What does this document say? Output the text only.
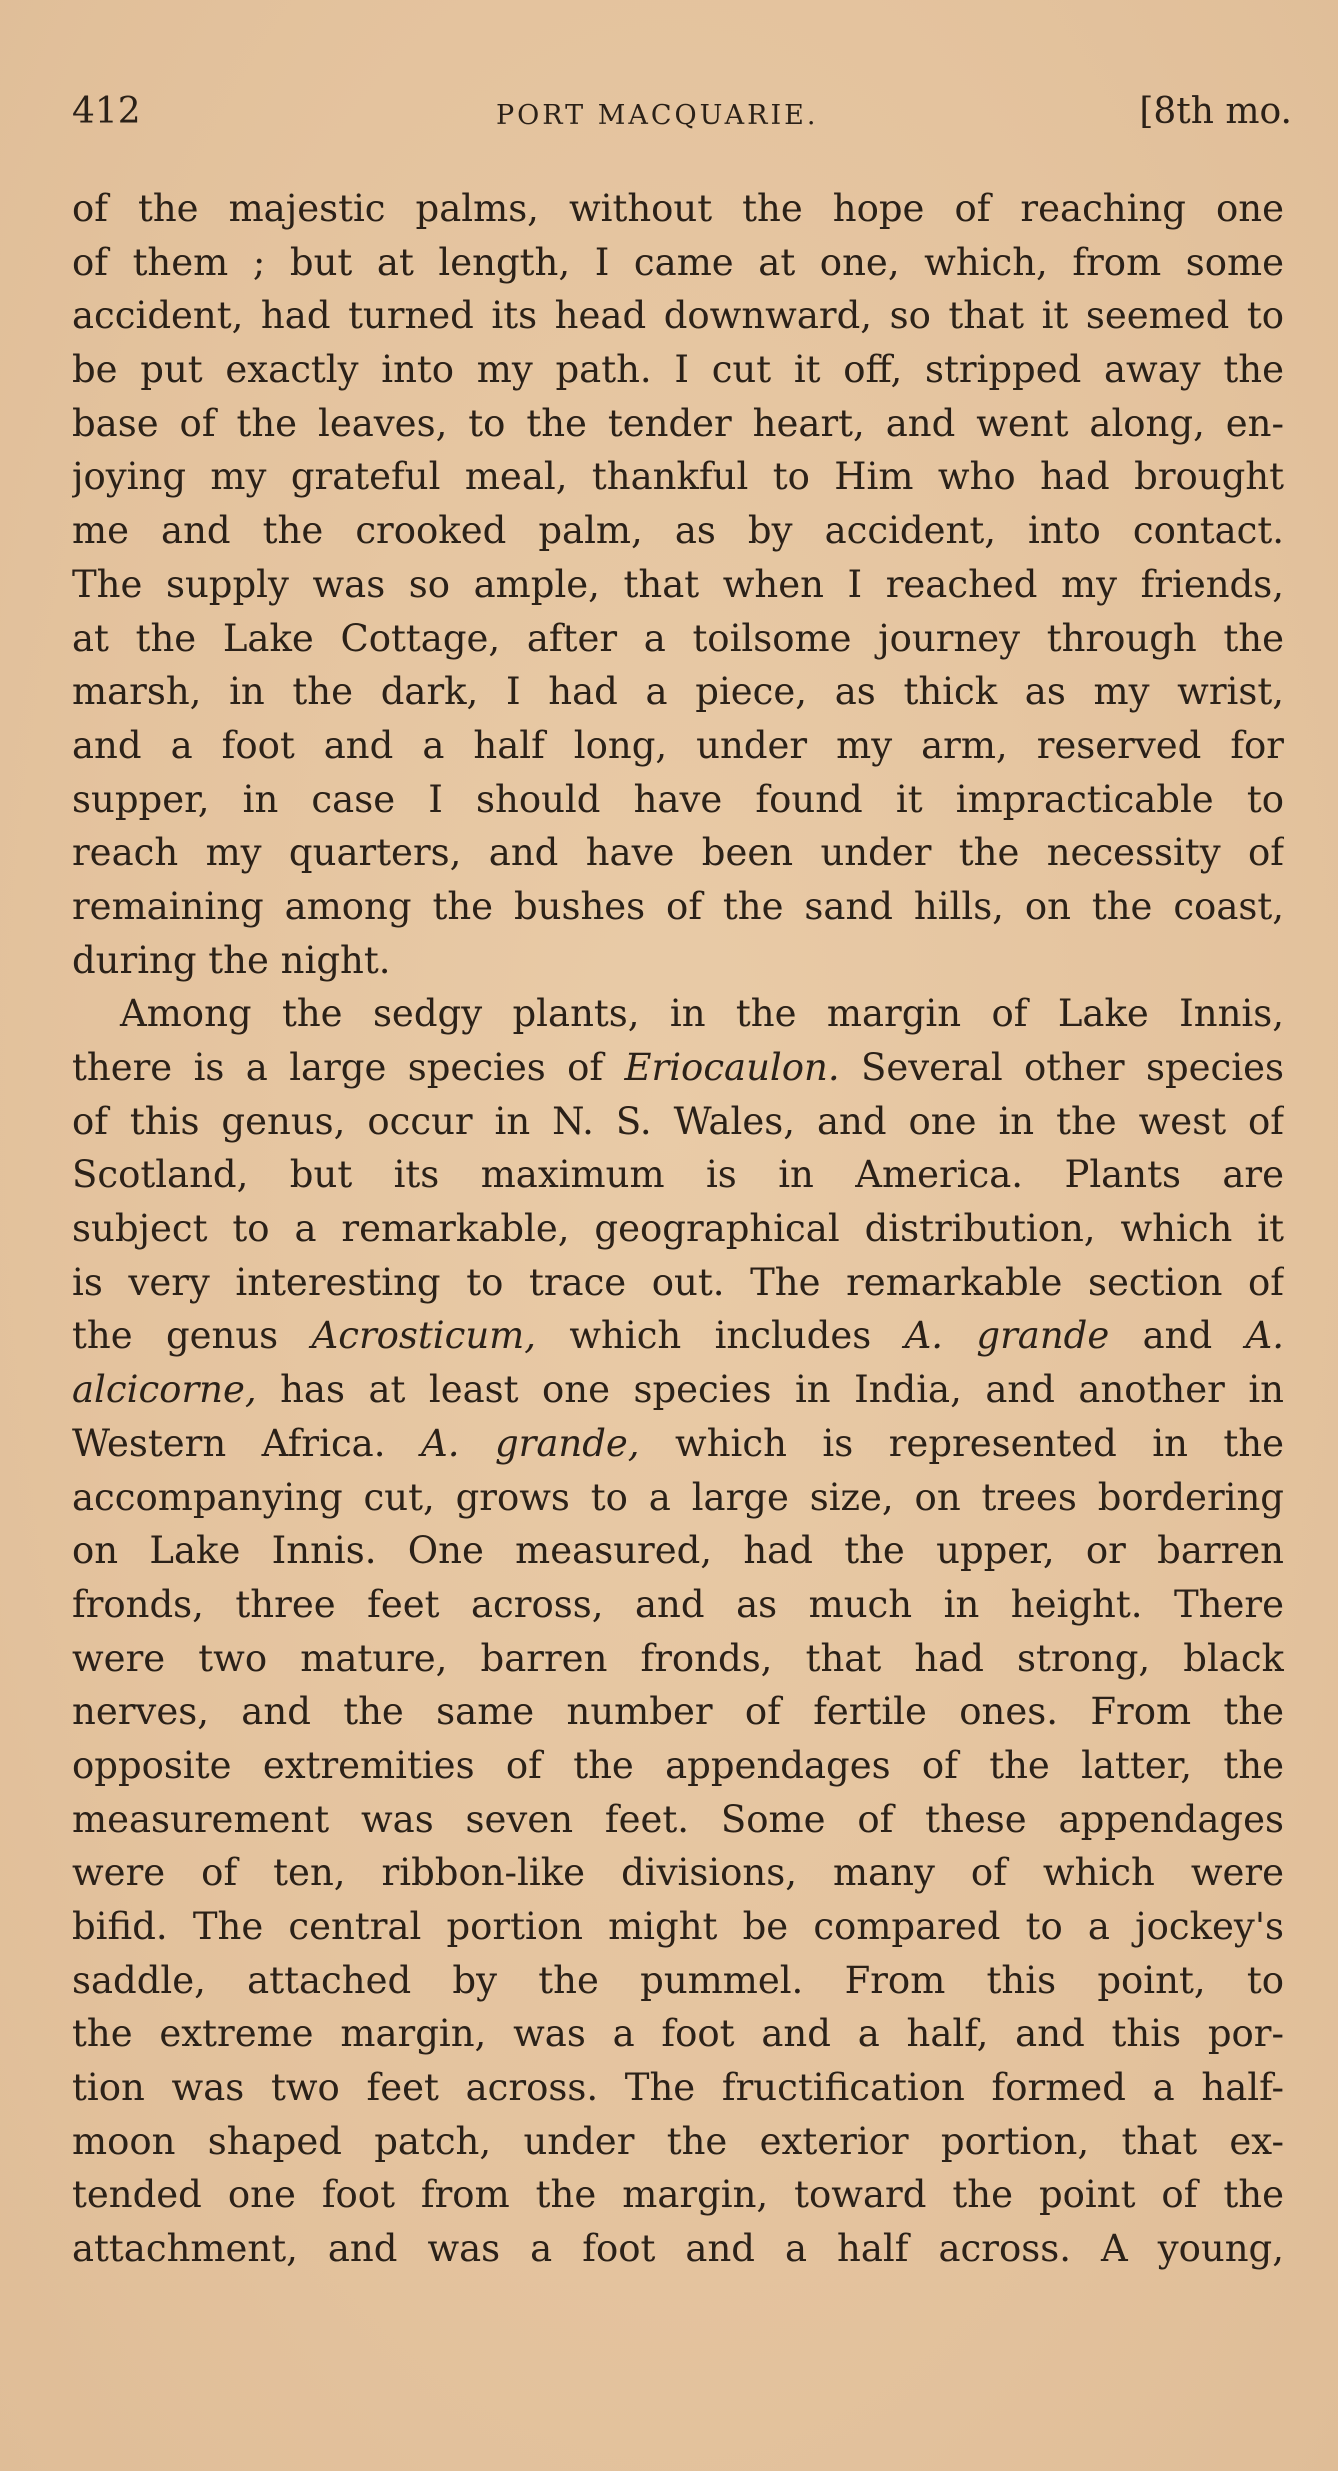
412	PORT MACQUARIE.	[8th mo.
of the majestic palms, without the hope of reaching one
of them ; but at length, I came at one, which, from some
accident, had turned its head downward, so that it seemed to
be put exactly into my path. I cut it off, stripped away the
base of the leaves, to the tender heart, and went along, en-
joying my grateful meal, thankful to Him who had brought
me and the crooked palm, as by accident, into contact.
The supply was so ample, that when I reached my friends,
at the Lake Cottage, after a toilsome journey through the
marsh, in the dark, I had a piece, as thick as my wrist,
and a foot and a half long, under my arm, reserved for
supper, in case I should have found it impracticable to
reach my quarters, and have been under the necessity of
remaining among the bushes of the sand hills, on the coast,
during the night.
Among the sedgy plants, in the margin of Lake Innis,
there is a large species of Eriocaulon. Several other species
of this genus, occur in N. S. Wales, and one in the west of
Scotland, but its maximum is in America. Plants are
subject to a remarkable, geographical distribution, which it
is very interesting to trace out. The remarkable section of
the genus Acrosticum, which includes A. grande and A.
alcicorne, has at least one species in India, and another in
Western Africa. A. grande, which is represented in the
accompanying cut, grows to a large size, on trees bordering
on Lake Innis. One measured, had the upper, or barren
fronds, three feet across, and as much in height. There
were two mature, barren fronds, that had strong, black
nerves, and the same number of fertile ones. From the
opposite extremities of the appendages of the latter, the
measurement was seven feet. Some of these appendages
were of ten, ribbon-like divisions, many of which were
bifid. The central portion might be compared to a jockey's
saddle, attached by the pummel. From this point, to
the extreme margin, was a foot and a half, and this por-
tion was two feet across. The fructification formed a half-
moon shaped patch, under the exterior portion, that ex-
tended one foot from the margin, toward the point of the
attachment, and was a foot and a half across. A young,
